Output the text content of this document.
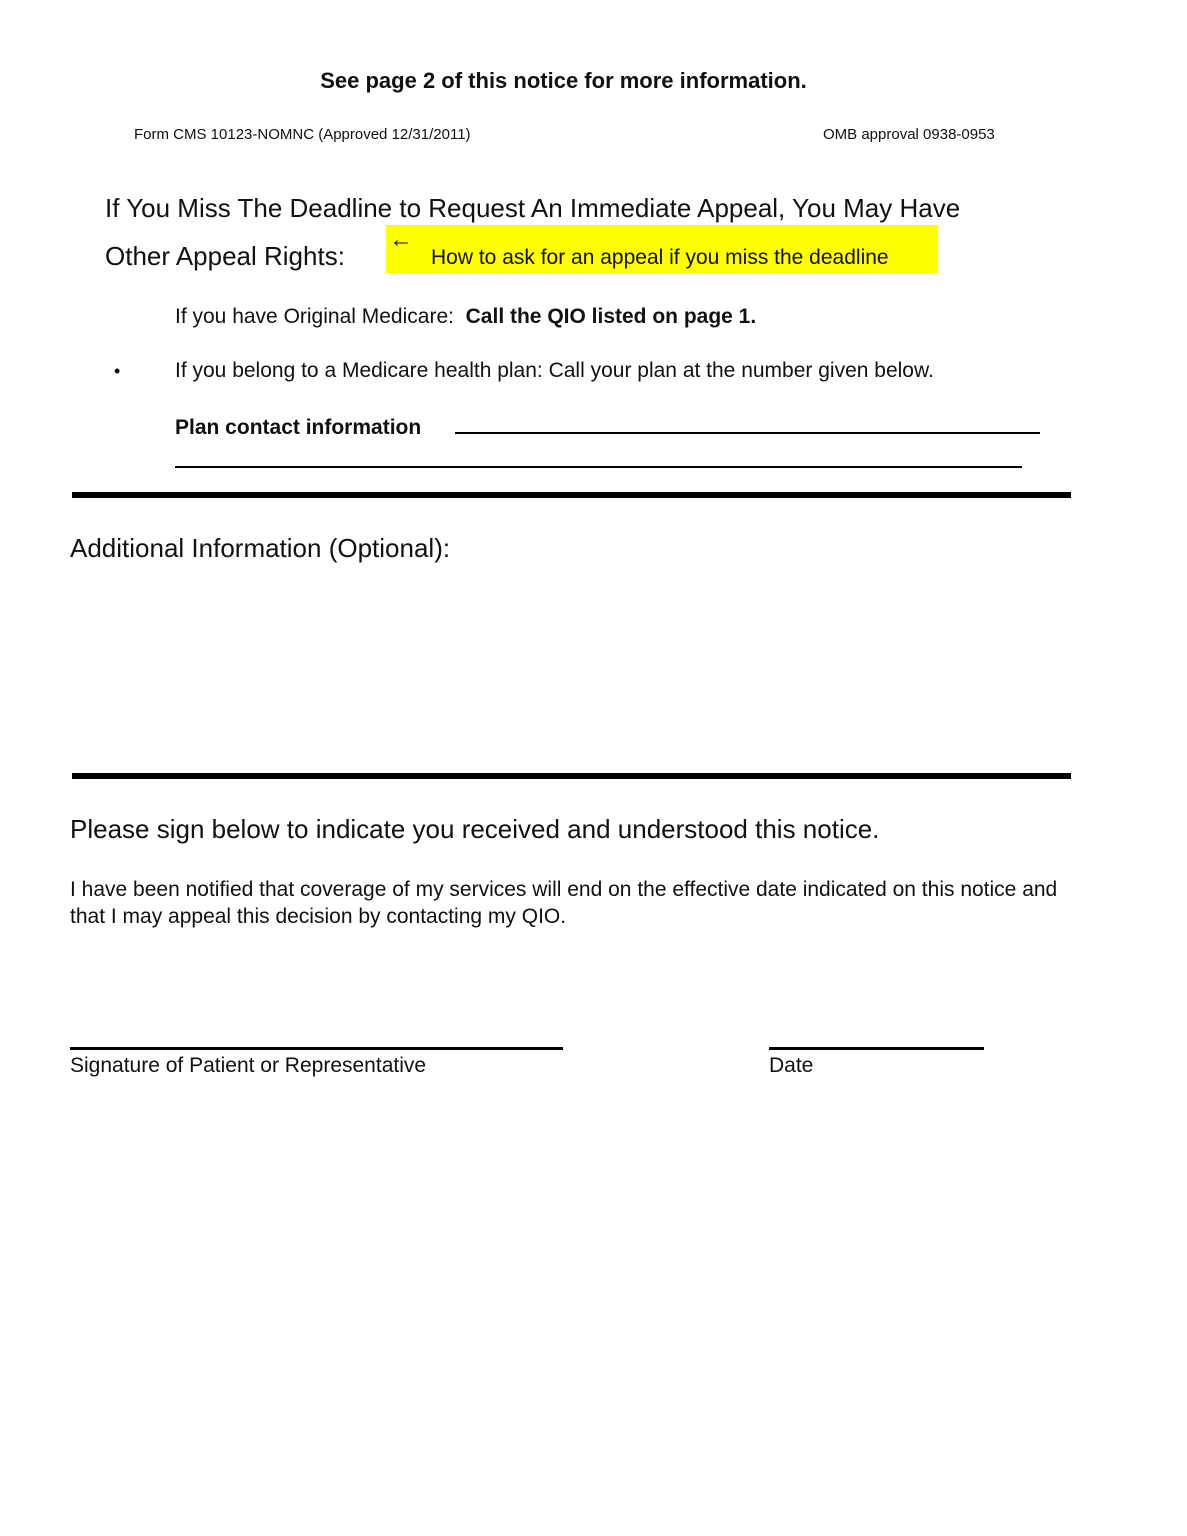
See page 2 of this notice for more information.
Form CMS 10123-NOMNC (Approved 12/31/2011)	OMB approval 0938-0953
If You Miss The Deadline to Request An Immediate Appeal, You May Have
Other Appeal Rights:
←
How to ask for an appeal if you miss the deadline
If you have Original Medicare: Call the QIO listed on page 1.
•	If you belong to a Medicare health plan: Call your plan at the number given below.
Plan contact information
Additional Information (Optional):
Please sign below to indicate you received and understood this notice.
I have been notified that coverage of my services will end on the effective date indicated on this notice and that I may appeal this decision by contacting my QIO.
Signature of Patient or Representative	Date
